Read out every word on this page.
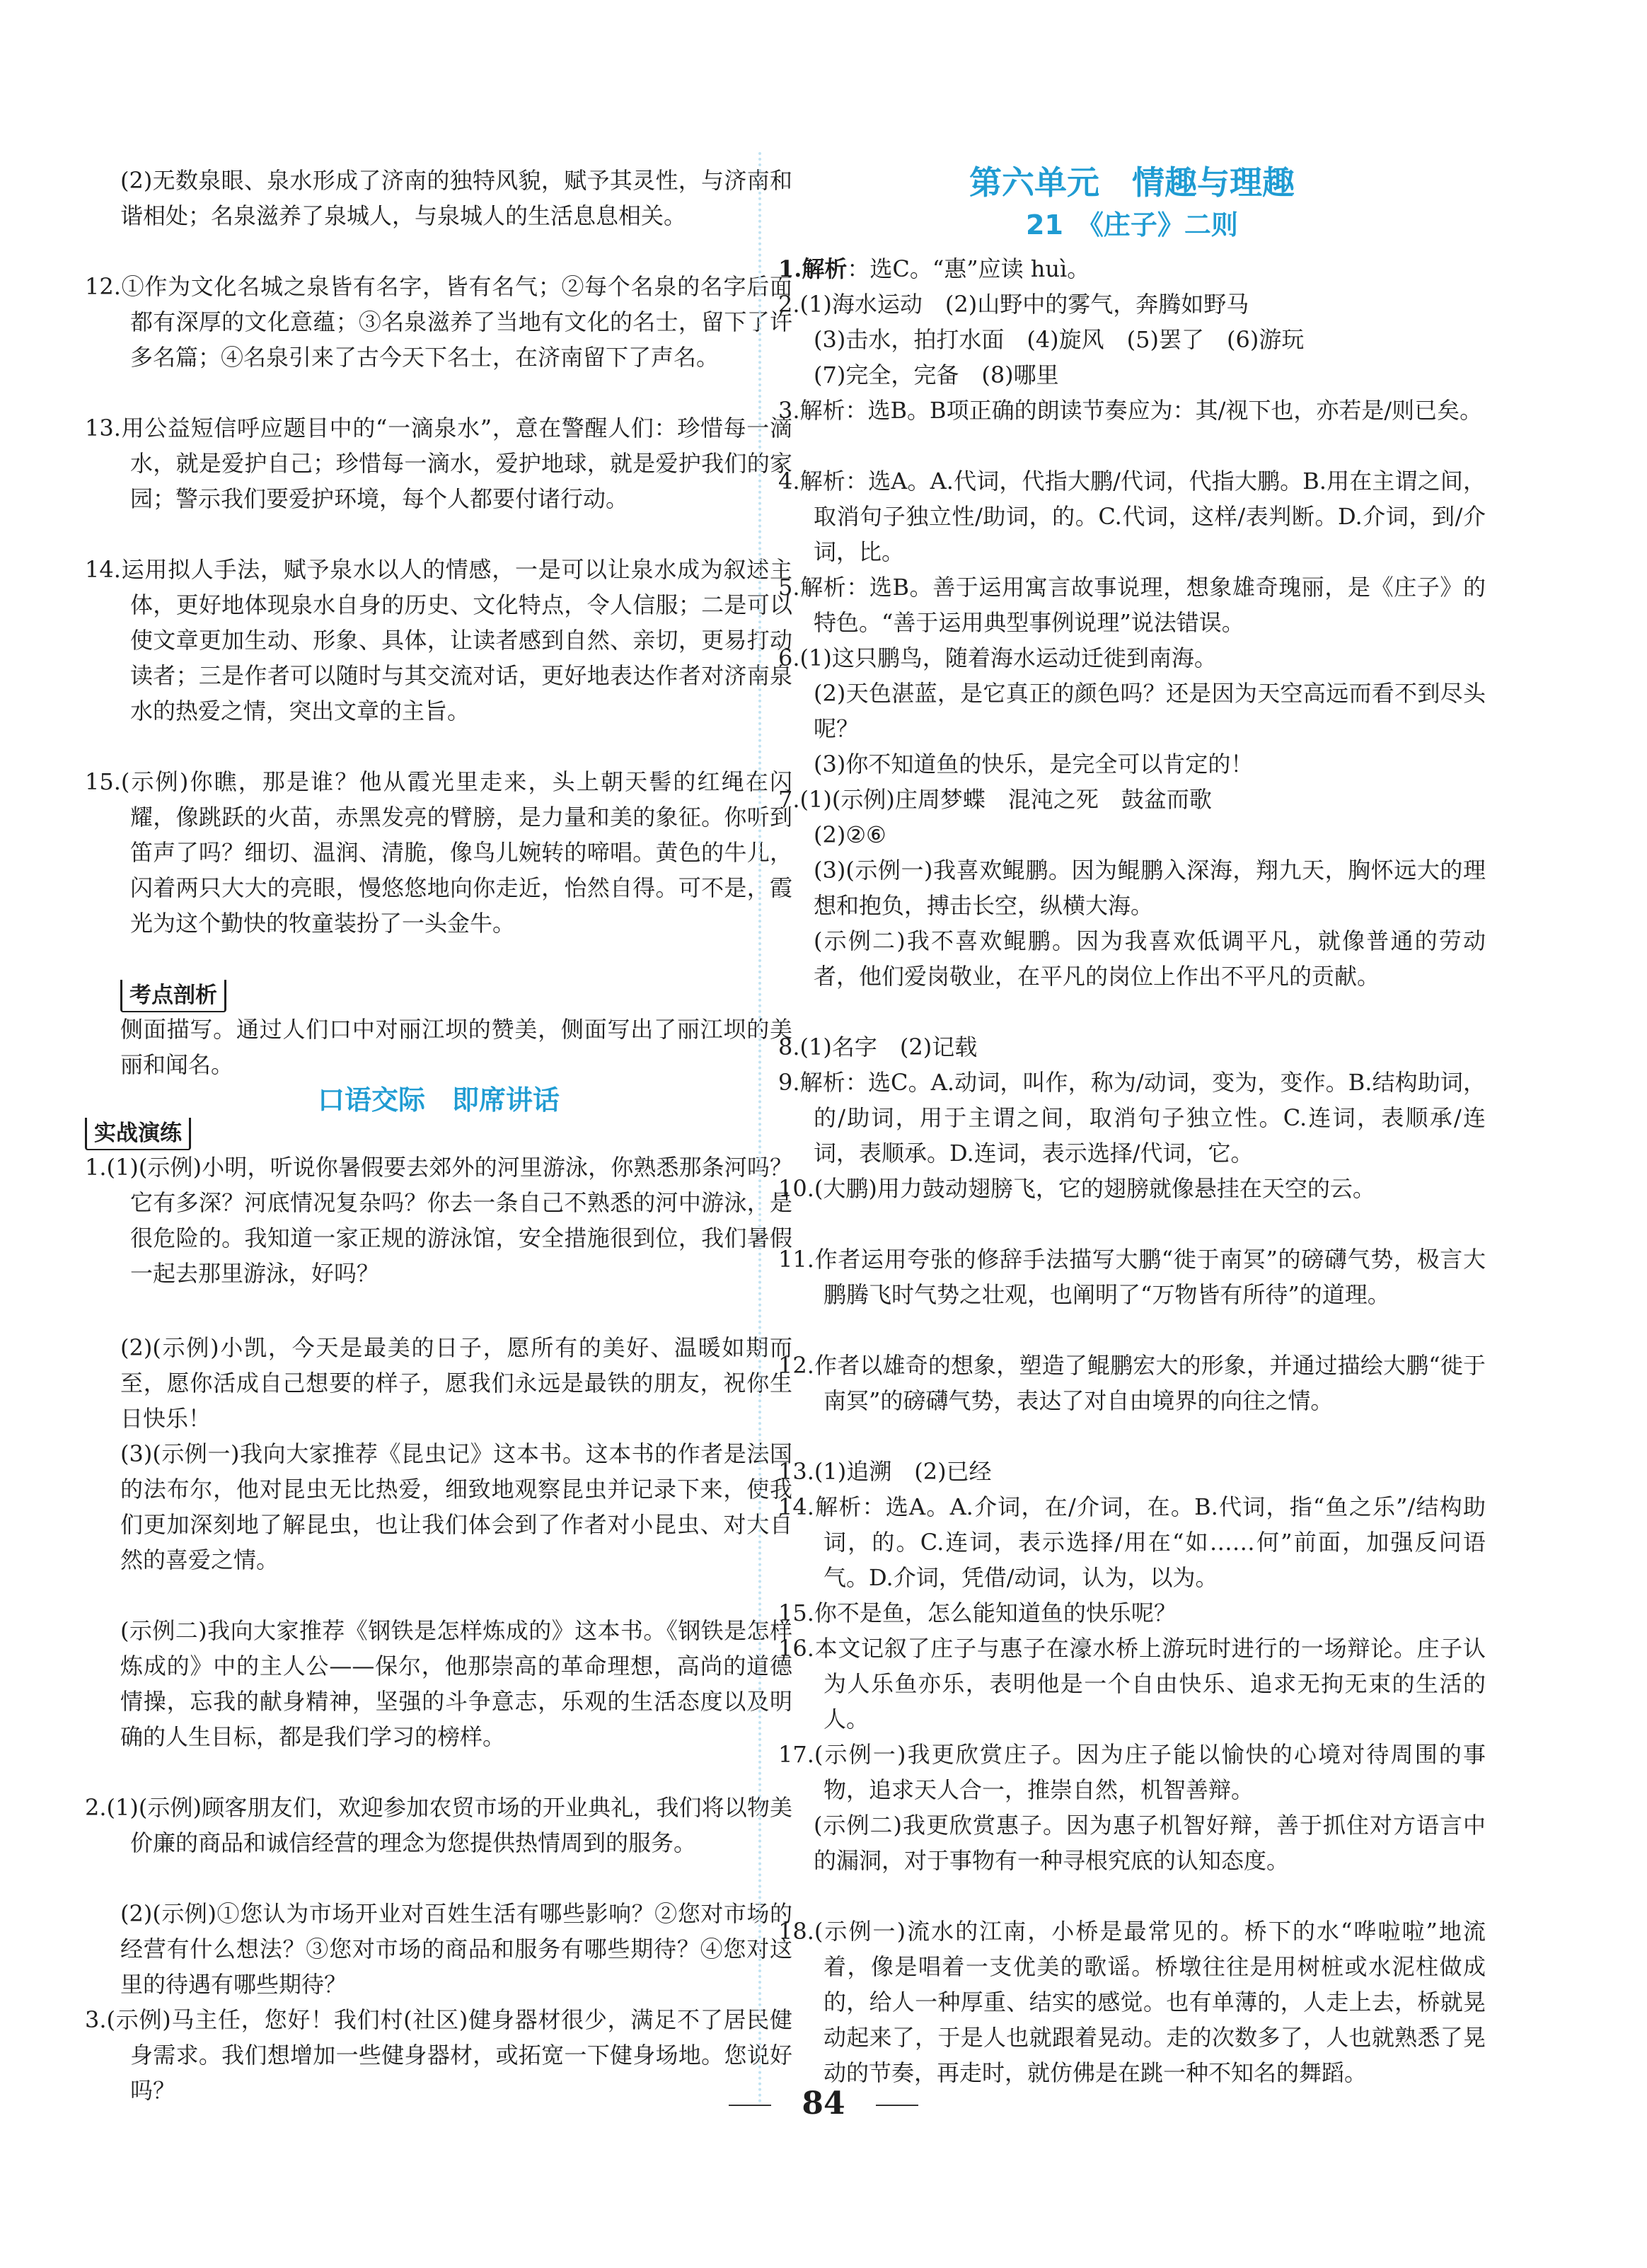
(2)无数泉眼、泉水形成了济南的独特风貌，赋予其灵性，与济南和谐相处；名泉滋养了泉城人，与泉城人的生活息息相关。

12.①作为文化名城之泉皆有名字，皆有名气；②每个名泉的名字后面都有深厚的文化意蕴；③名泉滋养了当地有文化的名士，留下了许多名篇；④名泉引来了古今天下名士，在济南留下了声名。

13.用公益短信呼应题目中的“一滴泉水”，意在警醒人们：珍惜每一滴水，就是爱护自己；珍惜每一滴水，爱护地球，就是爱护我们的家园；警示我们要爱护环境，每个人都要付诸行动。

14.运用拟人手法，赋予泉水以人的情感，一是可以让泉水成为叙述主体，更好地体现泉水自身的历史、文化特点，令人信服；二是可以使文章更加生动、形象、具体，让读者感到自然、亲切，更易打动读者；三是作者可以随时与其交流对话，更好地表达作者对济南泉水的热爱之情，突出文章的主旨。

15.(示例)你瞧，那是谁？他从霞光里走来，头上朝天髻的红绳在闪耀，像跳跃的火苗，赤黑发亮的臂膀，是力量和美的象征。你听到笛声了吗？细切、温润、清脆，像鸟儿婉转的啼唱。黄色的牛儿，闪着两只大大的亮眼，慢悠悠地向你走近，怡然自得。可不是，霞光为这个勤快的牧童装扮了一头金牛。

考点剖析

侧面描写。通过人们口中对丽江坝的赞美，侧面写出了丽江坝的美丽和闻名。

口语交际　即席讲话
实战演练

1.(1)(示例)小明，听说你暑假要去郊外的河里游泳，你熟悉那条河吗？它有多深？河底情况复杂吗？你去一条自己不熟悉的河中游泳，是很危险的。我知道一家正规的游泳馆，安全措施很到位，我们暑假一起去那里游泳，好吗？

(2)(示例)小凯，今天是最美的日子，愿所有的美好、温暖如期而至，愿你活成自己想要的样子，愿我们永远是最铁的朋友，祝你生日快乐！

(3)(示例一)我向大家推荐《昆虫记》这本书。这本书的作者是法国的法布尔，他对昆虫无比热爱，细致地观察昆虫并记录下来，使我们更加深刻地了解昆虫，也让我们体会到了作者对小昆虫、对大自然的喜爱之情。

(示例二)我向大家推荐《钢铁是怎样炼成的》这本书。《钢铁是怎样炼成的》中的主人公——保尔，他那崇高的革命理想，高尚的道德情操，忘我的献身精神，坚强的斗争意志，乐观的生活态度以及明确的人生目标，都是我们学习的榜样。

2.(1)(示例)顾客朋友们，欢迎参加农贸市场的开业典礼，我们将以物美价廉的商品和诚信经营的理念为您提供热情周到的服务。

(2)(示例)①您认为市场开业对百姓生活有哪些影响？②您对市场的经营有什么想法？③您对市场的商品和服务有哪些期待？④您对这里的待遇有哪些期待？

3.(示例)马主任，您好！我们村(社区)健身器材很少，满足不了居民健身需求。我们想增加一些健身器材，或拓宽一下健身场地。您说好吗？

第六单元　情趣与理趣
21　《庄子》二则

1.解析：选C。“惠”应读 huì。

2.(1)海水运动　(2)山野中的雾气，奔腾如野马

(3)击水，拍打水面　(4)旋风　(5)罢了　(6)游玩

(7)完全，完备　(8)哪里

3.解析：选B。B项正确的朗读节奏应为：其/视下也，亦若是/则已矣。

4.解析：选A。A.代词，代指大鹏/代词，代指大鹏。B.用在主谓之间，取消句子独立性/助词，的。C.代词，这样/表判断。D.介词，到/介词，比。

5.解析：选B。善于运用寓言故事说理，想象雄奇瑰丽，是《庄子》的特色。“善于运用典型事例说理”说法错误。

6.(1)这只鹏鸟，随着海水运动迁徙到南海。

(2)天色湛蓝，是它真正的颜色吗？还是因为天空高远而看不到尽头呢？

(3)你不知道鱼的快乐，是完全可以肯定的！

7.(1)(示例)庄周梦蝶　混沌之死　鼓盆而歌

(2)②⑥

(3)(示例一)我喜欢鲲鹏。因为鲲鹏入深海，翔九天，胸怀远大的理想和抱负，搏击长空，纵横大海。

(示例二)我不喜欢鲲鹏。因为我喜欢低调平凡，就像普通的劳动者，他们爱岗敬业，在平凡的岗位上作出不平凡的贡献。

8.(1)名字　(2)记载

9.解析：选C。A.动词，叫作，称为/动词，变为，变作。B.结构助词，的/助词，用于主谓之间，取消句子独立性。C.连词，表顺承/连词，表顺承。D.连词，表示选择/代词，它。

10.(大鹏)用力鼓动翅膀飞，它的翅膀就像悬挂在天空的云。

11.作者运用夸张的修辞手法描写大鹏“徙于南冥”的磅礴气势，极言大鹏腾飞时气势之壮观，也阐明了“万物皆有所待”的道理。

12.作者以雄奇的想象，塑造了鲲鹏宏大的形象，并通过描绘大鹏“徙于南冥”的磅礴气势，表达了对自由境界的向往之情。

13.(1)追溯　(2)已经

14.解析：选A。A.介词，在/介词，在。B.代词，指“鱼之乐”/结构助词，的。C.连词，表示选择/用在“如……何”前面，加强反问语气。D.介词，凭借/动词，认为，以为。

15.你不是鱼，怎么能知道鱼的快乐呢？

16.本文记叙了庄子与惠子在濠水桥上游玩时进行的一场辩论。庄子认为人乐鱼亦乐，表明他是一个自由快乐、追求无拘无束的生活的人。

17.(示例一)我更欣赏庄子。因为庄子能以愉快的心境对待周围的事物，追求天人合一，推崇自然，机智善辩。

(示例二)我更欣赏惠子。因为惠子机智好辩，善于抓住对方语言中的漏洞，对于事物有一种寻根究底的认知态度。

18.(示例一)流水的江南，小桥是最常见的。桥下的水“哗啦啦”地流着，像是唱着一支优美的歌谣。桥墩往往是用树桩或水泥柱做成的，给人一种厚重、结实的感觉。也有单薄的，人走上去，桥就晃动起来了，于是人也就跟着晃动。走的次数多了，人也就熟悉了晃动的节奏，再走时，就仿佛是在跳一种不知名的舞蹈。

84
